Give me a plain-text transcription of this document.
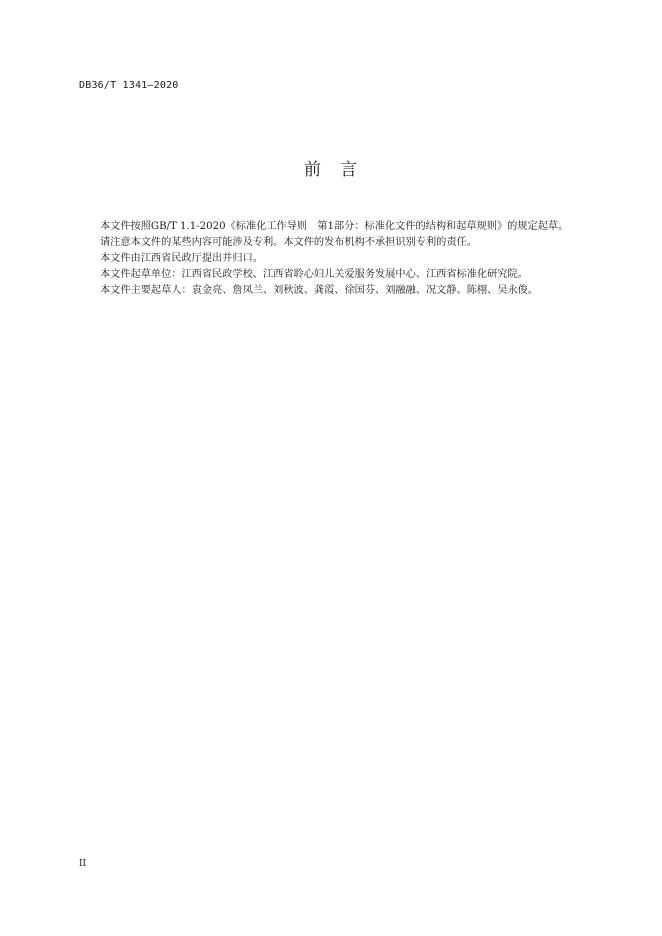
DB36/T 1341—2020
前　言

本文件按照GB/T 1.1-2020《标准化工作导则　第1部分：标准化文件的结构和起草规则》的规定起草。

请注意本文件的某些内容可能涉及专利。本文件的发布机构不承担识别专利的责任。

本文件由江西省民政厅提出并归口。

本文件起草单位：江西省民政学校、江西省聆心妇儿关爱服务发展中心、江西省标准化研究院。

本文件主要起草人：袁金亮、詹凤兰、刘秋波、龚霞、徐国芬、刘融融、况文静、陈栩、吴永俊。

II
